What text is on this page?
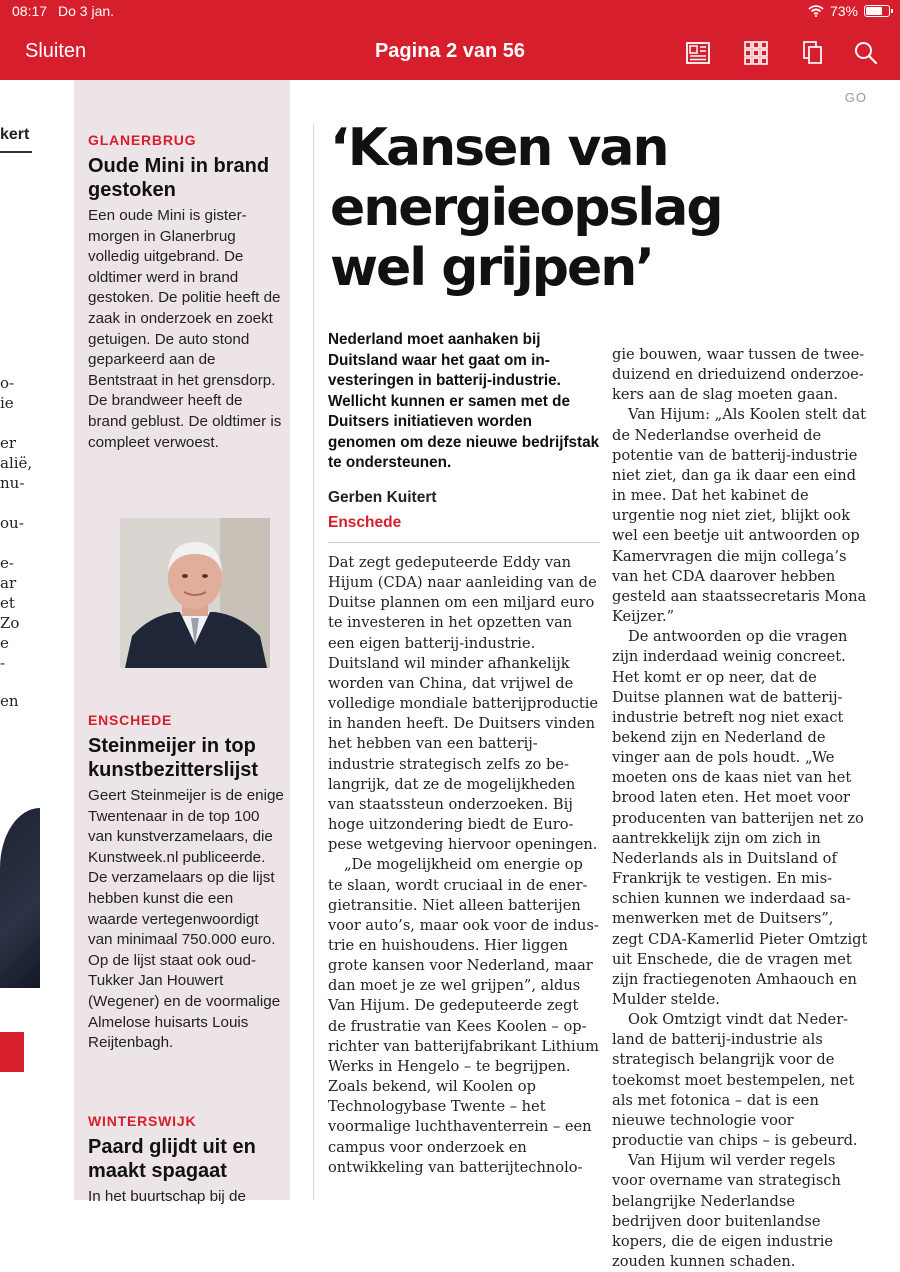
08:17 Do 3 jan.	73%
Sluiten	Pagina 2 van 56
GO
kert
o-
ie
er
alië,
nu-
ou-
e-
ar
et
Zo
e
-
en
GLANERBRUG
Oude Mini in brand gestoken
Een oude Mini is gistermorgen in Glanerbrug volledig uitgebrand. De oldtimer werd in brand gestoken. De politie heeft de zaak in onderzoek en zoekt getuigen. De auto stond geparkeerd aan de Bentstraat in het grensdorp. De brandweer heeft de brand geblust. De oldtimer is compleet verwoest.
ENSCHEDE
Steinmeijer in top kunstbezitterslijst
Geert Steinmeijer is de enige Twentenaar in de top 100 van kunstverzamelaars, die Kunstweek.nl publiceerde. De verzamelaars op die lijst hebben kunst die een waarde vertegenwoordigt van minimaal 750.000 euro. Op de lijst staat ook oud-Tukker Jan Houwert (Wegener) en de voormalige Almelose huisarts Louis Reijtenbagh.
WINTERSWIJK
Paard glijdt uit en maakt spagaat
In het buurtschap bij de
‘Kansen van energieopslag wel grijpen’
Nederland moet aanhaken bij Duitsland waar het gaat om investeringen in batterij-industrie. Wellicht kunnen er samen met de Duitsers initiatieven worden genomen om deze nieuwe bedrijfstak te ondersteunen.
Gerben Kuitert
Enschede

Dat zegt gedeputeerde Eddy van Hijum (CDA) naar aanleiding van de Duitse plannen om een miljard euro te investeren in het opzetten van een eigen batterij-industrie. Duitsland wil minder afhankelijk worden van China, dat vrijwel de volledige mondiale batterijproductie in handen heeft. De Duitsers vinden het hebben van een batterij-industrie strategisch zelfs zo belangrijk, dat ze de mogelijkheden van staatssteun onderzoeken. Bij hoge uitzondering biedt de Europese wetgeving hiervoor openingen.

„De mogelijkheid om energie op te slaan, wordt cruciaal in de energietransitie. Niet alleen batterijen voor auto’s, maar ook voor de industrie en huishoudens. Hier liggen grote kansen voor Nederland, maar dan moet je ze wel grijpen”, aldus Van Hijum. De gedeputeerde zegt de frustratie van Kees Koolen – oprichter van batterijfabrikant Lithium Werks in Hengelo – te begrijpen. Zoals bekend, wil Koolen op Technologybase Twente – het voormalige luchthaventerrein – een campus voor onderzoek en ontwikkeling van batterijtechnolo-

gie bouwen, waar tussen de tweeduizend en drieduizend onderzoekers aan de slag moeten gaan.

Van Hijum: „Als Koolen stelt dat de Nederlandse overheid de potentie van de batterij-industrie niet ziet, dan ga ik daar een eind in mee. Dat het kabinet de urgentie nog niet ziet, blijkt ook wel een beetje uit antwoorden op Kamervragen die mijn collega’s van het CDA daarover hebben gesteld aan staatssecretaris Mona Keijzer.”

De antwoorden op die vragen zijn inderdaad weinig concreet. Het komt er op neer, dat de Duitse plannen wat de batterij-industrie betreft nog niet exact bekend zijn en Nederland de vinger aan de pols houdt. „We moeten ons de kaas niet van het brood laten eten. Het moet voor producenten van batterijen net zo aantrekkelijk zijn om zich in Nederlands als in Duitsland of Frankrijk te vestigen. En misschien kunnen we inderdaad samenwerken met de Duitsers”, zegt CDA-Kamerlid Pieter Omtzigt uit Enschede, die de vragen met zijn fractiegenoten Amhaouch en Mulder stelde.

Ook Omtzigt vindt dat Nederland de batterij-industrie als strategisch belangrijk voor de toekomst moet bestempelen, net als met fotonica – dat is een nieuwe technologie voor productie van chips – is gebeurd.

Van Hijum wil verder regels voor overname van strategisch belangrijke Nederlandse bedrijven door buitenlandse kopers, die de eigen industrie zouden kunnen schaden.
